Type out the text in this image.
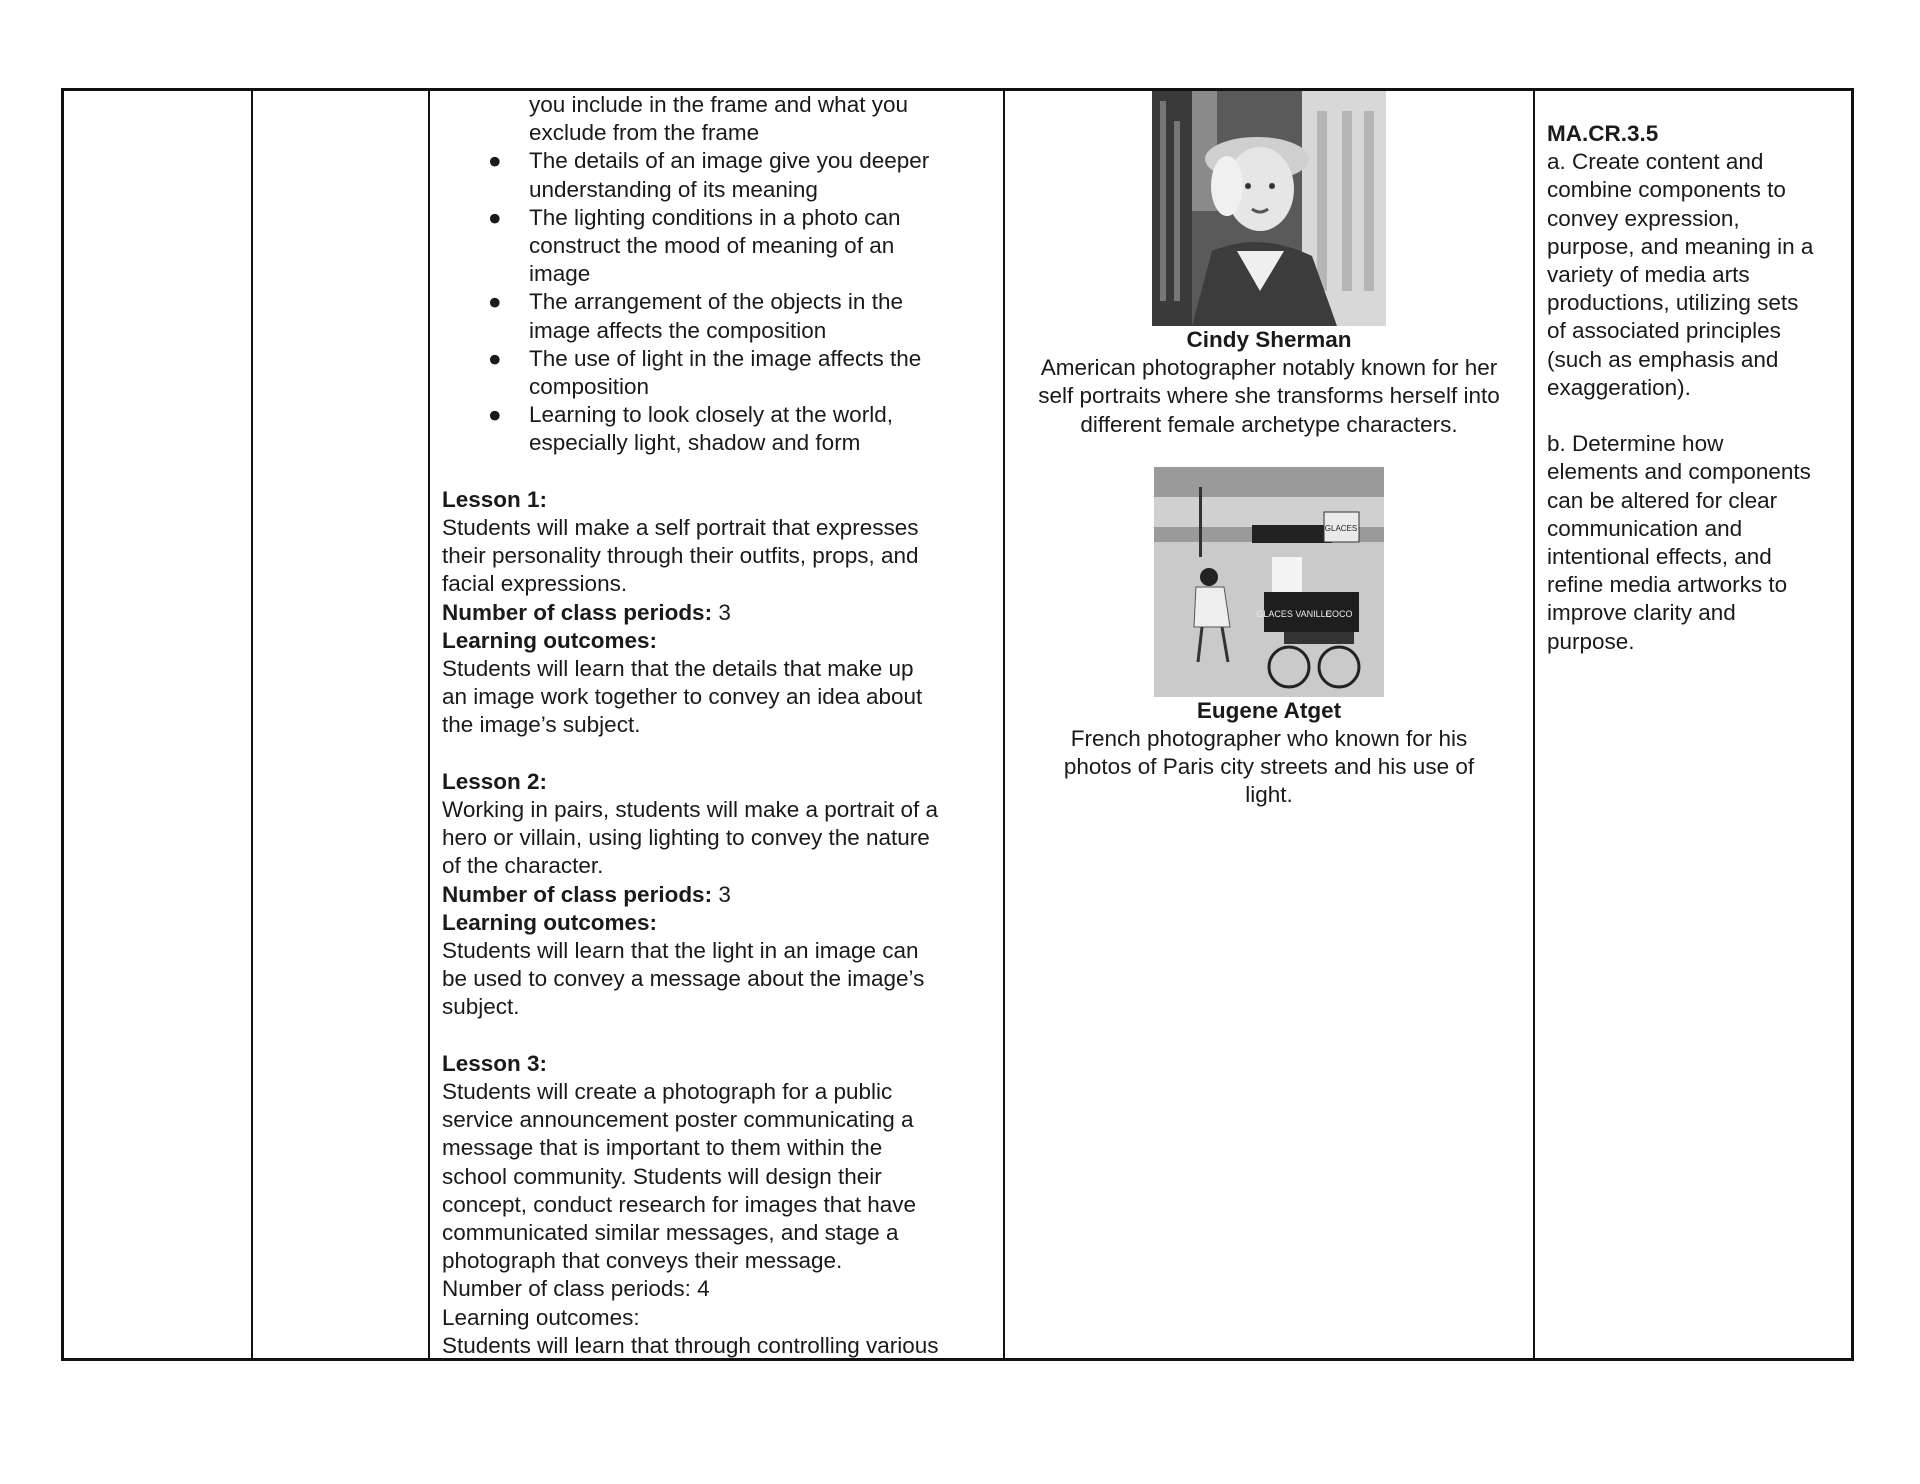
you include in the frame and what you
exclude from the frame
● The details of an image give you deeper
understanding of its meaning
● The lighting conditions in a photo can
construct the mood of meaning of an
image
● The arrangement of the objects in the
image affects the composition
● The use of light in the image affects the
composition
● Learning to look closely at the world,
especially light, shadow and form
Lesson 1:
Students will make a self portrait that expresses
their personality through their outfits, props, and
facial expressions.
Number of class periods: 3
Learning outcomes:
Students will learn that the details that make up
an image work together to convey an idea about
the image’s subject.
Lesson 2:
Working in pairs, students will make a portrait of a
hero or villain, using lighting to convey the nature
of the character.
Number of class periods: 3
Learning outcomes:
Students will learn that the light in an image can
be used to convey a message about the image’s
subject.
Lesson 3:
Students will create a photograph for a public
service announcement poster communicating a
message that is important to them within the
school community. Students will design their
concept, conduct research for images that have
communicated similar messages, and stage a
photograph that conveys their message.
Number of class periods: 4
Learning outcomes:
Students will learn that through controlling various
Cindy Sherman
American photographer notably known for her
self portraits where she transforms herself into
different female archetype characters.
GLACES
GLACES VANILLE
COCO
Eugene Atget
French photographer who known for his
photos of Paris city streets and his use of
light.
MA.CR.3.5
a. Create content and
combine components to
convey expression,
purpose, and meaning in a
variety of media arts
productions, utilizing sets
of associated principles
(such as emphasis and
exaggeration).
b. Determine how
elements and components
can be altered for clear
communication and
intentional effects, and
refine media artworks to
improve clarity and
purpose.
